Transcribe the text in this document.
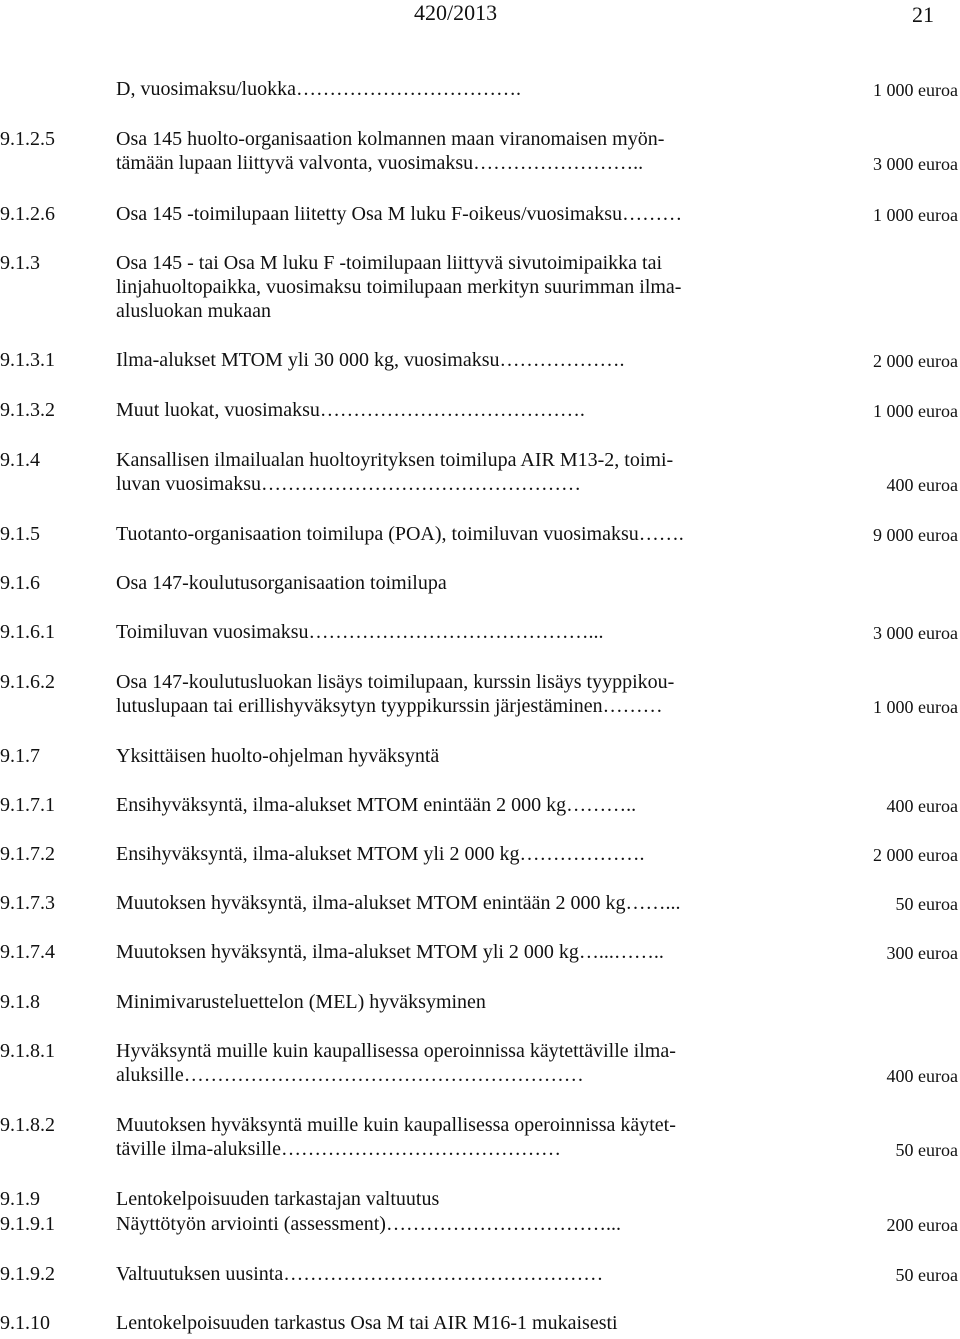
420/2013	21
D, vuosimaksu/luokka…………………………….	1 000 euroa
9.1.2.5	Osa 145 huolto-organisaation kolmannen maan viranomaisen myön-
tämään lupaan liittyvä valvonta, vuosimaksu……………………..	3 000 euroa
9.1.2.6	Osa 145 -toimilupaan liitetty Osa M luku F-oikeus/vuosimaksu………	1 000 euroa
9.1.3	Osa 145 - tai Osa M luku F -toimilupaan liittyvä sivutoimipaikka tai
linjahuoltopaikka, vuosimaksu toimilupaan merkityn suurimman ilma-
alusluokan mukaan
9.1.3.1	Ilma-alukset MTOM yli 30 000 kg, vuosimaksu……………….	2 000 euroa
9.1.3.2	Muut luokat, vuosimaksu………………………………….	1 000 euroa
9.1.4	Kansallisen ilmailualan huoltoyrityksen toimilupa AIR M13-2, toimi-
luvan vuosimaksu…………………………………………	400 euroa
9.1.5	Tuotanto-organisaation toimilupa (POA), toimiluvan vuosimaksu…….	9 000 euroa
9.1.6	Osa 147-koulutusorganisaation toimilupa
9.1.6.1	Toimiluvan vuosimaksu……………………………………...	3 000 euroa
9.1.6.2	Osa 147-koulutusluokan lisäys toimilupaan, kurssin lisäys tyyppikou-
lutuslupaan tai erillishyväksytyn tyyppikurssin järjestäminen………	1 000 euroa
9.1.7	Yksittäisen huolto-ohjelman hyväksyntä
9.1.7.1	Ensihyväksyntä, ilma-alukset MTOM enintään 2 000 kg………..	400 euroa
9.1.7.2	Ensihyväksyntä, ilma-alukset MTOM yli 2 000 kg……………….	2 000 euroa
9.1.7.3	Muutoksen hyväksyntä, ilma-alukset MTOM enintään 2 000 kg……...	50 euroa
9.1.7.4	Muutoksen hyväksyntä, ilma-alukset MTOM yli 2 000 kg…...……..	300 euroa
9.1.8	Minimivarusteluettelon (MEL) hyväksyminen
9.1.8.1	Hyväksyntä muille kuin kaupallisessa operoinnissa käytettäville ilma-
aluksille……………………………………………………	400 euroa
9.1.8.2	Muutoksen hyväksyntä muille kuin kaupallisessa operoinnissa käytet-
täville ilma-aluksille……………………………………	50 euroa
9.1.9	Lentokelpoisuuden tarkastajan valtuutus
9.1.9.1	Näyttötyön arviointi (assessment)……………………………...	200 euroa
9.1.9.2	Valtuutuksen uusinta…………………………………………	50 euroa
9.1.10	Lentokelpoisuuden tarkastus Osa M tai AIR M16-1 mukaisesti
